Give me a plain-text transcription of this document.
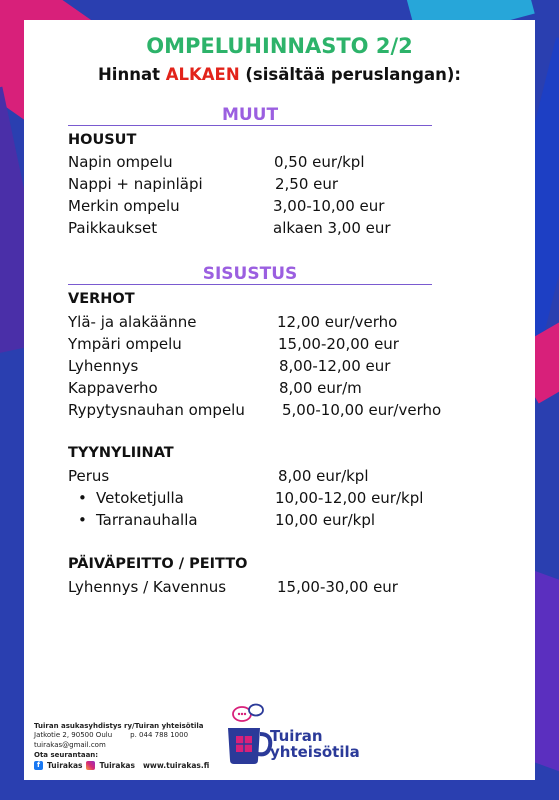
OMPELUHINNASTO 2/2
Hinnat ALKAEN (sisältää peruslangan):
MUUT
HOUSUT
Napin ompelu	0,50 eur/kpl
Nappi + napinläpi	2,50 eur
Merkin ompelu	3,00-10,00 eur
Paikkaukset	alkaen 3,00 eur
SISUSTUS
VERHOT
Ylä- ja alakäänne	12,00 eur/verho
Ympäri ompelu	15,00-20,00 eur
Lyhennys	8,00-12,00 eur
Kappaverho	8,00 eur/m
Rypytysnauhan ompelu 5,00-10,00 eur/verho
TYYNYLIINAT
Perus	8,00 eur/kpl
• Vetoketjulla	10,00-12,00 eur/kpl
• Tarranauhalla	10,00 eur/kpl
PÄIVÄPEITTO / PEITTO
Lyhennys / Kavennus	15,00-30,00 eur
Tuiran asukasyhdistys ry/Tuiran yhteisötila
Jatkotie 2, 90500 Oulu	p. 044 788 1000
tuirakas@gmail.com
Ota seurantaan:
f Tuirakas Tuirakas www.tuirakas.fi
Tuiran
yhteisötila
